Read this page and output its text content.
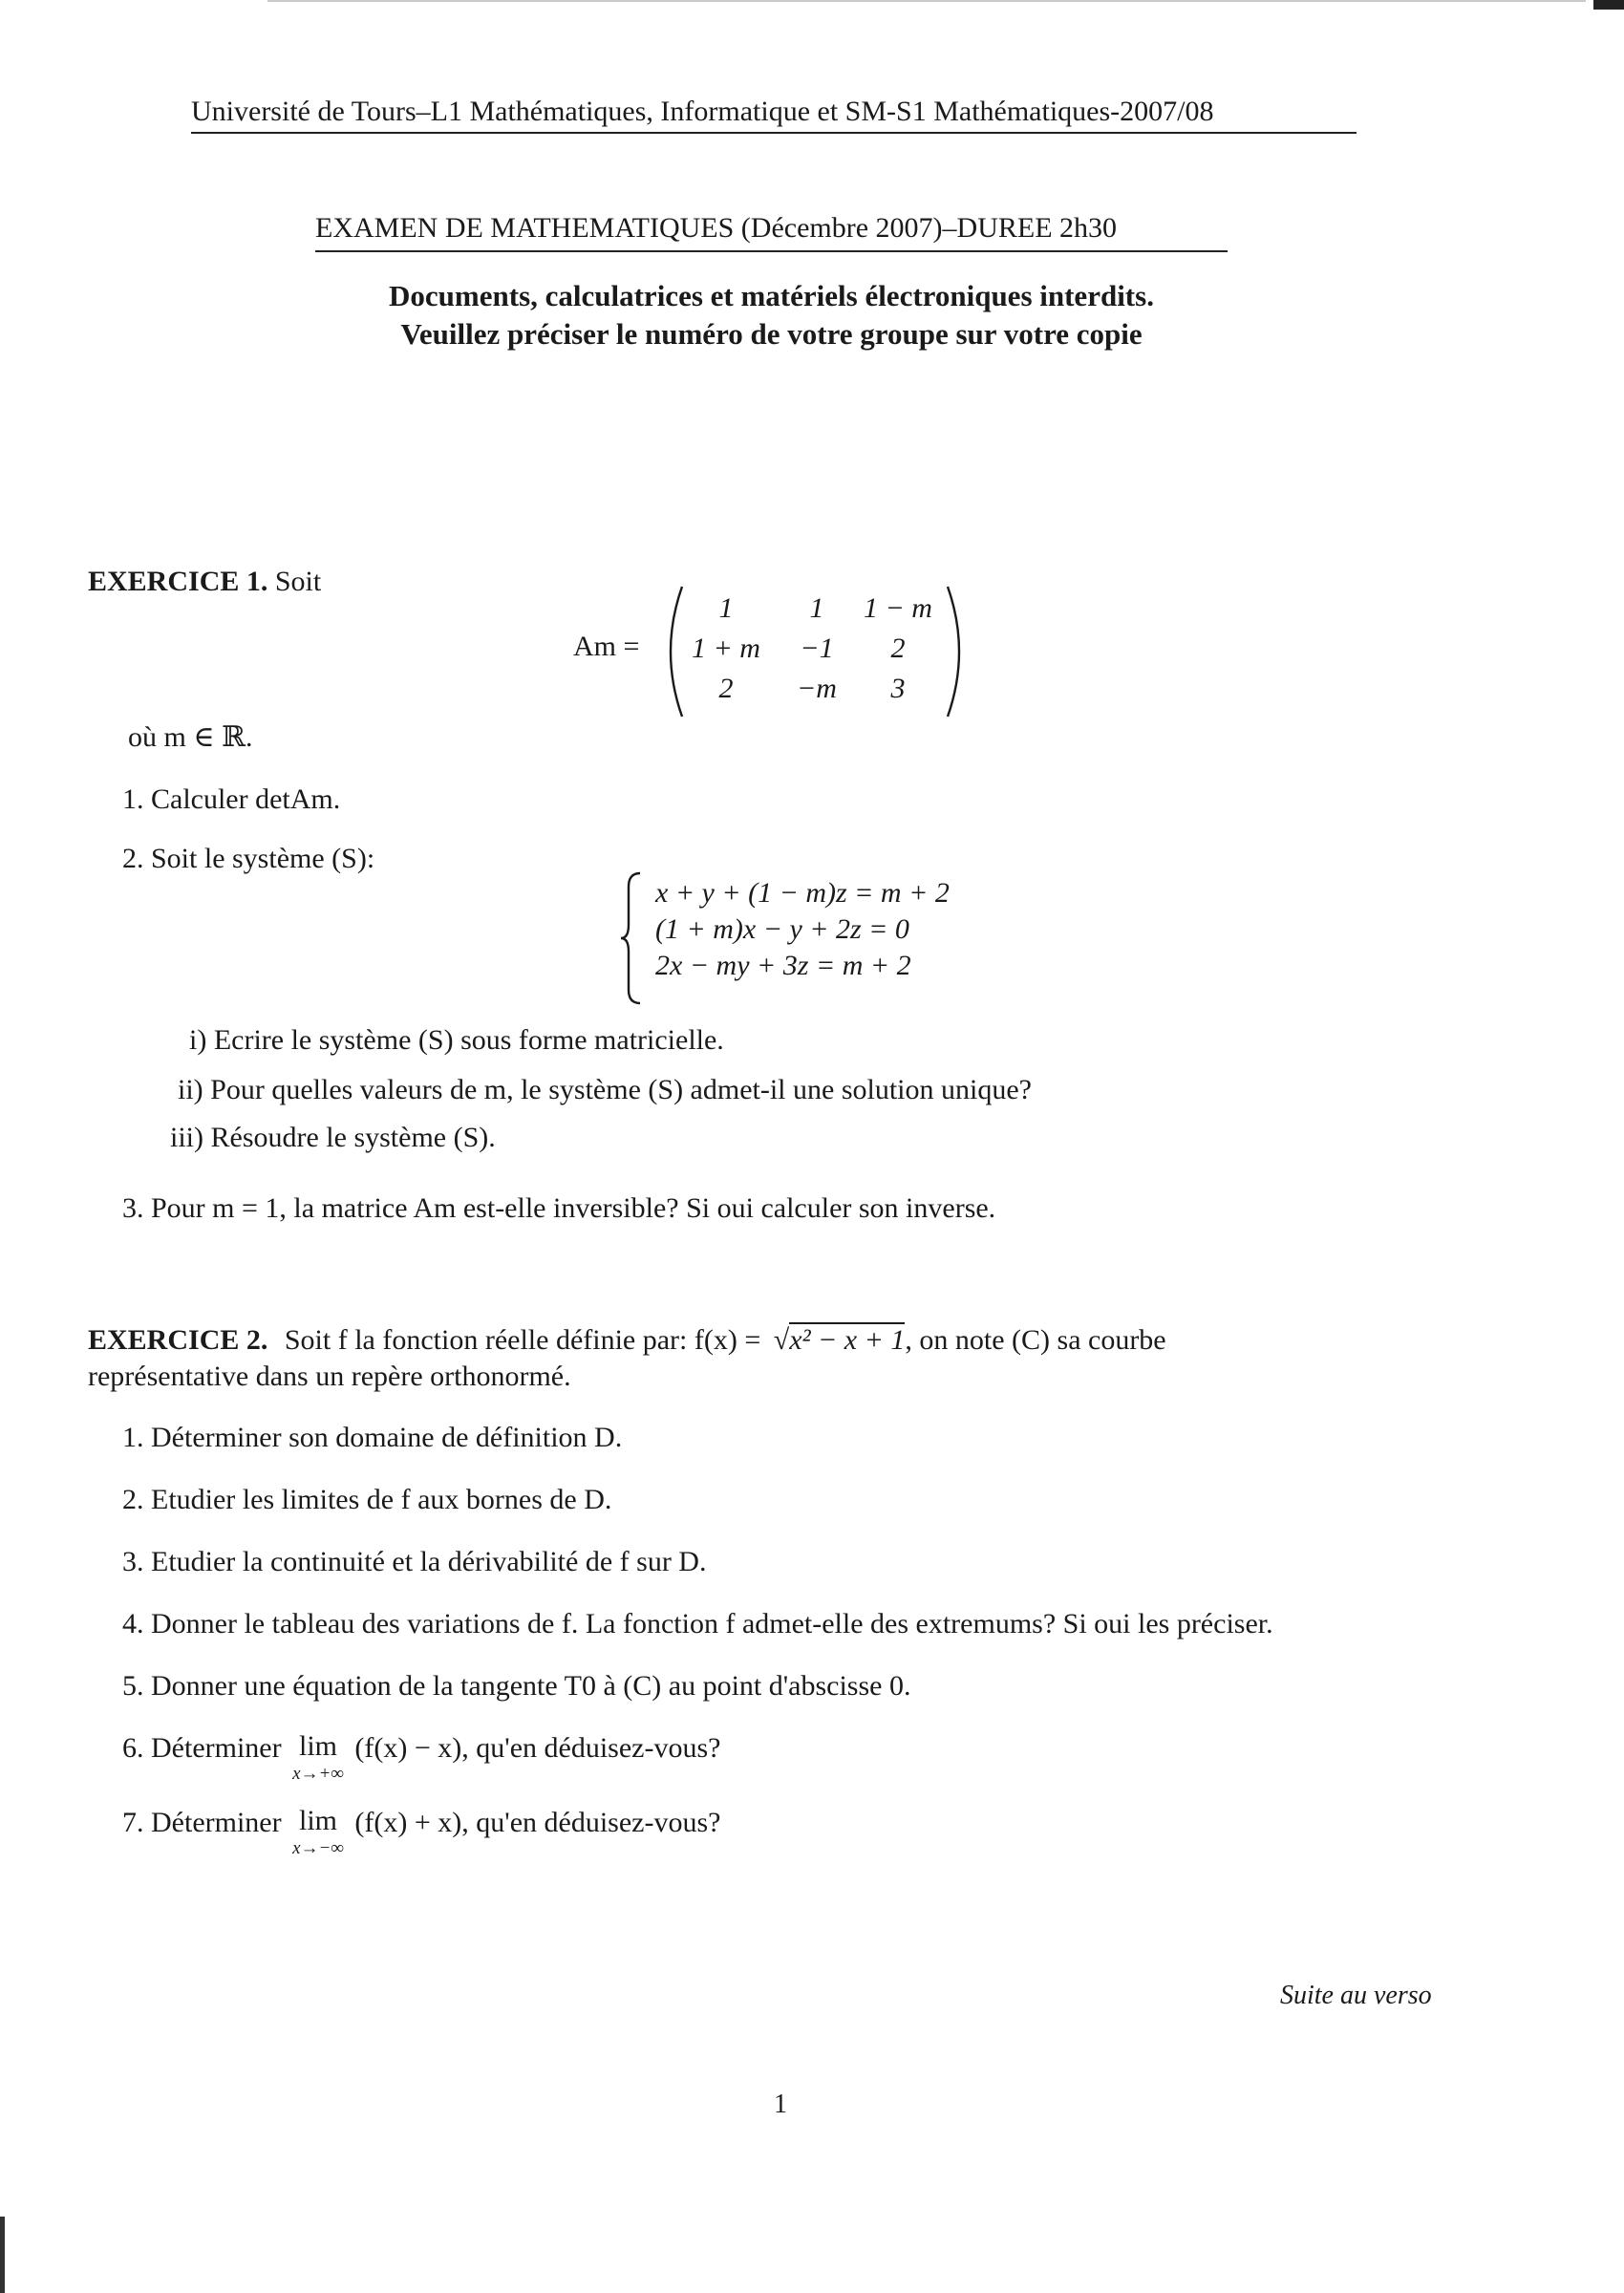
Université de Tours–L1 Mathématiques, Informatique et SM-S1 Mathématiques-2007/08
EXAMEN DE MATHEMATIQUES (Décembre 2007)–DUREE 2h30
Documents, calculatrices et matériels électroniques interdits.
Veuillez préciser le numéro de votre groupe sur votre copie
EXERCICE 1. Soit
Am =
1	1	1 − m
1 + m	−1	2
2	−m	3
où m ∈ ℝ.
1. Calculer detAm.
2. Soit le système (S):
x + y + (1 − m)z = m + 2
(1 + m)x − y + 2z = 0
2x − my + 3z = m + 2
i) Ecrire le système (S) sous forme matricielle.
ii) Pour quelles valeurs de m, le système (S) admet-il une solution unique?
iii) Résoudre le système (S).
3. Pour m = 1, la matrice Am est-elle inversible? Si oui calculer son inverse.
EXERCICE 2. Soit f la fonction réelle définie par: f(x) = √x² − x + 1, on note (C) sa courbe
représentative dans un repère orthonormé.
1. Déterminer son domaine de définition D.
2. Etudier les limites de f aux bornes de D.
3. Etudier la continuité et la dérivabilité de f sur D.
4. Donner le tableau des variations de f. La fonction f admet-elle des extremums? Si oui les préciser.
5. Donner une équation de la tangente T0 à (C) au point d'abscisse 0.
6. Déterminer lim
x→+∞
(f(x) − x), qu'en déduisez-vous?
7. Déterminer lim
x→−∞
(f(x) + x), qu'en déduisez-vous?
Suite au verso
1
